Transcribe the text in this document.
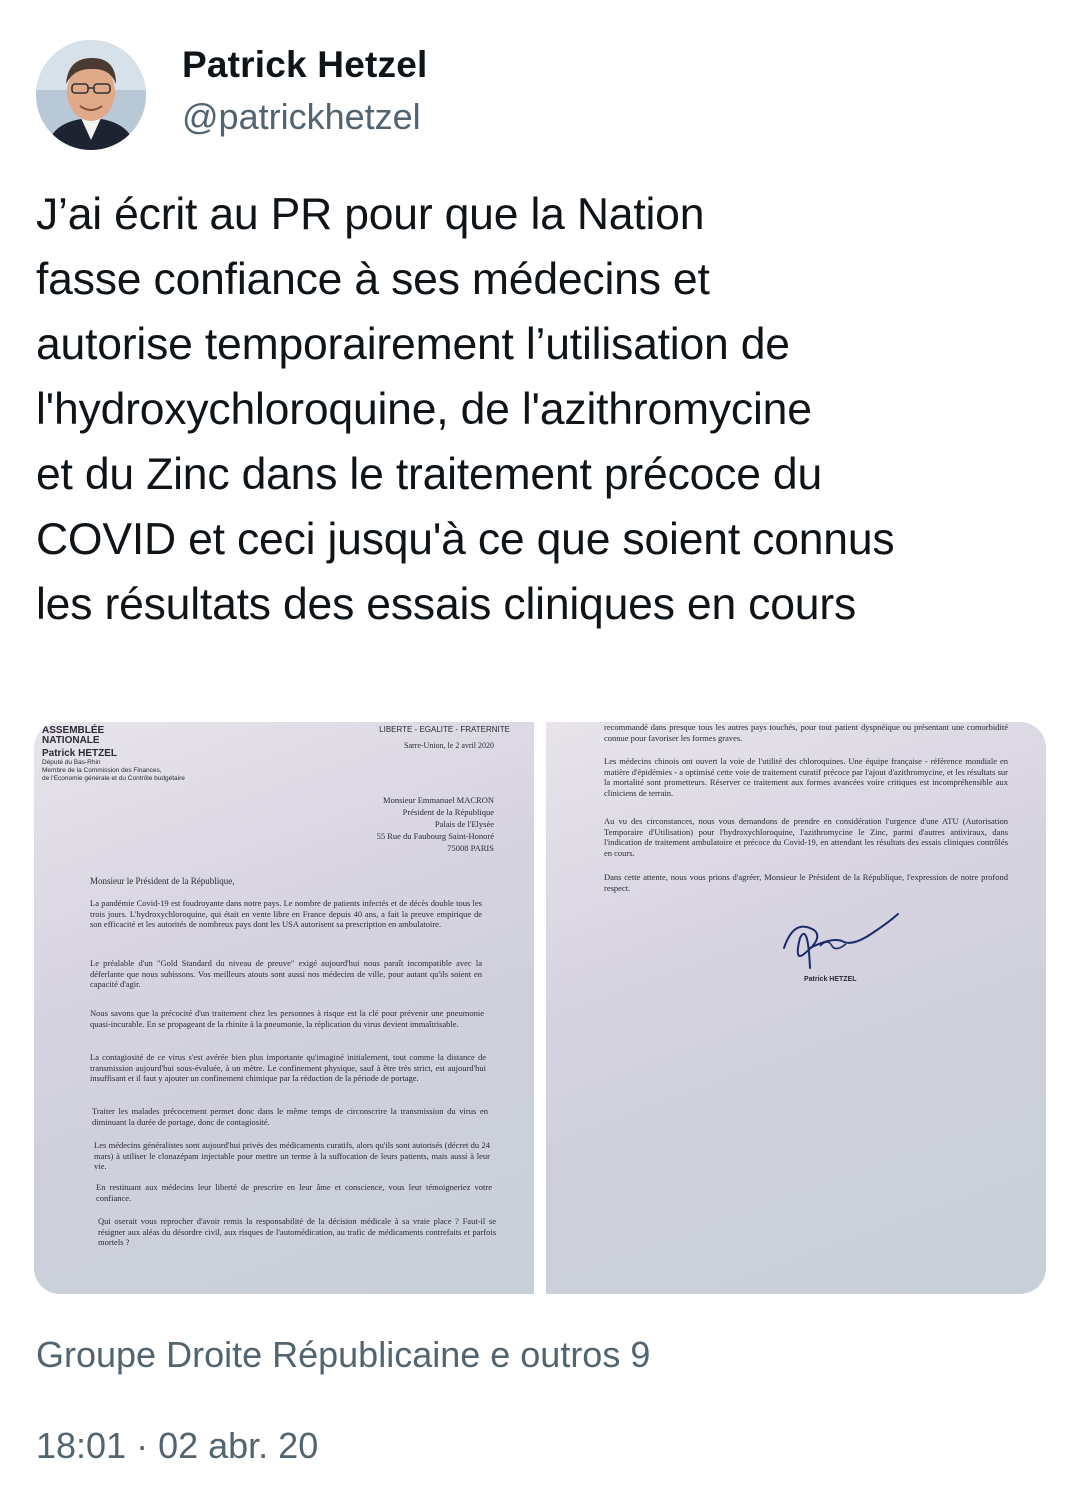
Patrick Hetzel
@patrickhetzel

J’ai écrit au PR pour que la Nation
fasse confiance à ses médecins et
autorise temporairement l’utilisation de
l'hydroxychloroquine, de l'azithromycine
et du Zinc dans le traitement précoce du
COVID et ceci jusqu'à ce que soient connus
les résultats des essais cliniques en cours

ASSEMBLÉE
NATIONALE
Patrick HETZEL
Député du Bas-Rhin
Membre de la Commission des Finances,
de l'Economie générale et du Contrôle budgétaire
LIBERTE - EGALITE - FRATERNITE
Sarre-Union, le 2 avril 2020
Monsieur Emmanuel MACRON
Président de la République
Palais de l'Elysée
55 Rue du Faubourg Saint-Honoré
75008 PARIS
Monsieur le Président de la République,
La pandémie Covid-19 est foudroyante dans notre pays. Le nombre de patients infectés et de décès double tous les trois jours. L'hydroxychloroquine, qui était en vente libre en France depuis 40 ans, a fait la preuve empirique de son efficacité et les autorités de nombreux pays dont les USA autorisent sa prescription en ambulatoire.
Le préalable d'un "Gold Standard du niveau de preuve" exigé aujourd'hui nous paraît incompatible avec la déferlante que nous subissons. Vos meilleurs atouts sont aussi nos médecins de ville, pour autant qu'ils soient en capacité d'agir.
Nous savons que la précocité d'un traitement chez les personnes à risque est la clé pour prévenir une pneumonie quasi-incurable. En se propageant de la rhinite à la pneumonie, la réplication du virus devient immaîtrisable.
La contagiosité de ce virus s'est avérée bien plus importante qu'imaginé initialement, tout comme la distance de transmission aujourd'hui sous-évaluée, à un mètre. Le confinement physique, sauf à être très strict, est aujourd'hui insuffisant et il faut y ajouter un confinement chimique par la réduction de la période de portage.
Traiter les malades précocement permet donc dans le même temps de circonscrire la transmission du virus en diminuant la durée de portage, donc de contagiosité.
Les médecins généralistes sont aujourd'hui privés des médicaments curatifs, alors qu'ils sont autorisés (décret du 24 mars) à utiliser le clonazépam injectable pour mettre un terme à la suffocation de leurs patients, mais aussi à leur vie.
En restituant aux médecins leur liberté de prescrire en leur âme et conscience, vous leur témoigneriez votre confiance.
Qui oserait vous reprocher d'avoir remis la responsabilité de la décision médicale à sa vraie place ? Faut-il se résigner aux aléas du désordre civil, aux risques de l'automédication, au trafic de médicaments contrefaits et parfois mortels ?
recommandé dans presque tous les autres pays touchés, pour tout patient dyspnéique ou présentant une comorbidité connue pour favoriser les formes graves.
Les médecins chinois ont ouvert la voie de l'utilité des chloroquines. Une équipe française - référence mondiale en matière d'épidémies - a optimisé cette voie de traitement curatif précoce par l'ajout d'azithromycine, et les résultats sur la mortalité sont prometteurs. Réserver ce traitement aux formes avancées voire critiques est incompréhensible aux cliniciens de terrain.
Au vu des circonstances, nous vous demandons de prendre en considération l'urgence d'une ATU (Autorisation Temporaire d'Utilisation) pour l'hydroxychloroquine, l'azithromycine le Zinc, parmi d'autres antiviraux, dans l'indication de traitement ambulatoire et précoce du Covid-19, en attendant les résultats des essais cliniques contrôlés en cours.
Dans cette attente, nous vous prions d'agréer, Monsieur le Président de la République, l'expression de notre profond respect.
Patrick HETZEL
Groupe Droite Républicaine e outros 9
18:01 · 02 abr. 20
